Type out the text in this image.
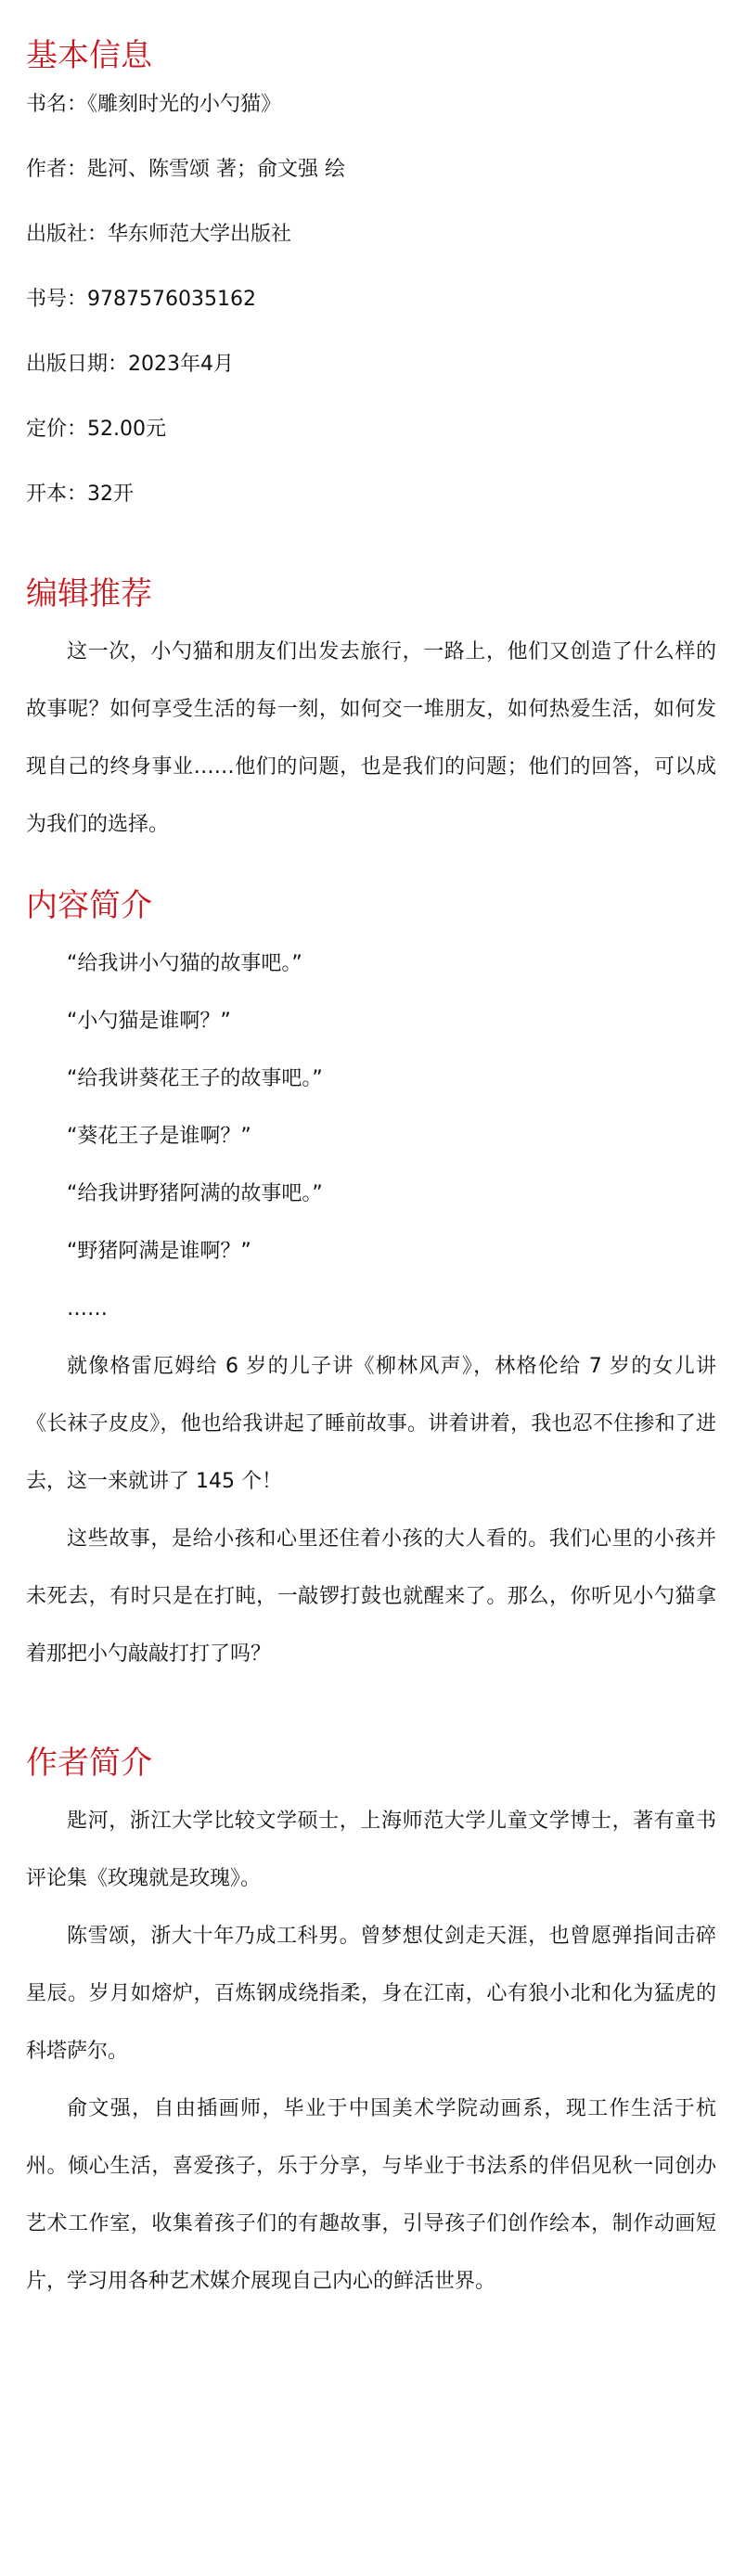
基本信息
书名：《雕刻时光的小勺猫》
作者：匙河、陈雪颂 著；俞文强 绘
出版社：华东师范大学出版社
书号：9787576035162
出版日期：2023年4月
定价：52.00元
开本：32开
编辑推荐

这一次，小勺猫和朋友们出发去旅行，一路上，他们又创造了什么样的故事呢？如何享受生活的每一刻，如何交一堆朋友，如何热爱生活，如何发现自己的终身事业……他们的问题，也是我们的问题；他们的回答，可以成为我们的选择。

内容简介

“给我讲小勺猫的故事吧。”

“小勺猫是谁啊？”

“给我讲葵花王子的故事吧。”

“葵花王子是谁啊？”

“给我讲野猪阿满的故事吧。”

“野猪阿满是谁啊？”

……

就像格雷厄姆给 6 岁的儿子讲《柳林风声》，林格伦给 7 岁的女儿讲《长袜子皮皮》，他也给我讲起了睡前故事。讲着讲着，我也忍不住掺和了进去，这一来就讲了 145 个！

这些故事，是给小孩和心里还住着小孩的大人看的。我们心里的小孩并未死去，有时只是在打盹，一敲锣打鼓也就醒来了。那么，你听见小勺猫拿着那把小勺敲敲打打了吗？

作者简介

匙河，浙江大学比较文学硕士，上海师范大学儿童文学博士，著有童书评论集《玫瑰就是玫瑰》。

陈雪颂，浙大十年乃成工科男。曾梦想仗剑走天涯，也曾愿弹指间击碎星辰。岁月如熔炉，百炼钢成绕指柔，身在江南，心有狼小北和化为猛虎的科塔萨尔。

俞文强，自由插画师，毕业于中国美术学院动画系，现工作生活于杭州。倾心生活，喜爱孩子，乐于分享，与毕业于书法系的伴侣见秋一同创办艺术工作室，收集着孩子们的有趣故事，引导孩子们创作绘本，制作动画短片，学习用各种艺术媒介展现自己内心的鲜活世界。
